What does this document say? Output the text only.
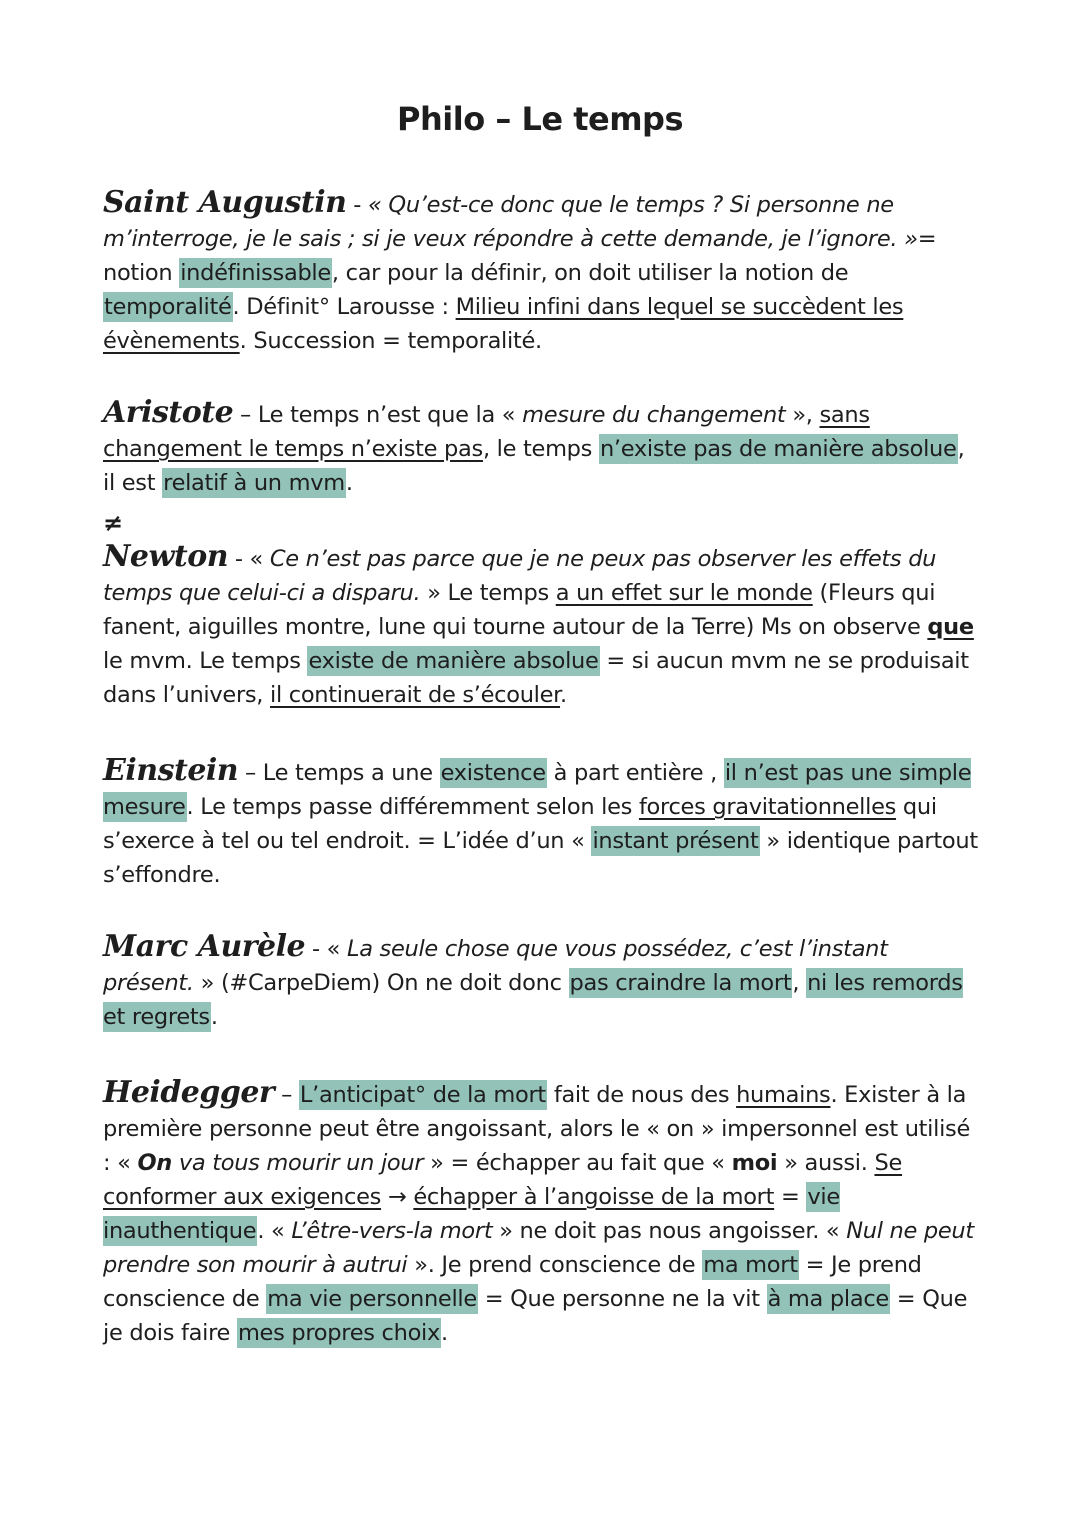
Philo – Le temps
Saint Augustin - « Qu’est-ce donc que le temps ? Si personne ne m’interroge, je le sais ; si je veux répondre à cette demande, je l’ignore. »= notion indéfinissable, car pour la définir, on doit utiliser la notion de temporalité. Définit° Larousse : Milieu infini dans lequel se succèdent les évènements. Succession = temporalité.
Aristote – Le temps n’est que la « mesure du changement », sans changement le temps n’existe pas, le temps n’existe pas de manière absolue, il est relatif à un mvm.
≠
Newton - « Ce n’est pas parce que je ne peux pas observer les effets du temps que celui-ci a disparu. » Le temps a un effet sur le monde (Fleurs qui fanent, aiguilles montre, lune qui tourne autour de la Terre) Ms on observe que le mvm. Le temps existe de manière absolue = si aucun mvm ne se produisait dans l’univers, il continuerait de s’écouler.
Einstein – Le temps a une existence à part entière , il n’est pas une simple mesure. Le temps passe différemment selon les forces gravitationnelles qui s’exerce à tel ou tel endroit. = L’idée d’un « instant présent » identique partout s’effondre.
Marc Aurèle - « La seule chose que vous possédez, c’est l’instant présent. » (#CarpeDiem) On ne doit donc pas craindre la mort, ni les remords et regrets.
Heidegger – L’anticipat° de la mort fait de nous des humains. Exister à la première personne peut être angoissant, alors le « on » impersonnel est utilisé : « On va tous mourir un jour » = échapper au fait que « moi » aussi. Se conformer aux exigences → échapper à l’angoisse de la mort = vie inauthentique. « L’être-vers-la mort » ne doit pas nous angoisser. « Nul ne peut prendre son mourir à autrui ». Je prend conscience de ma mort = Je prend conscience de ma vie personnelle = Que personne ne la vit à ma place = Que je dois faire mes propres choix.
